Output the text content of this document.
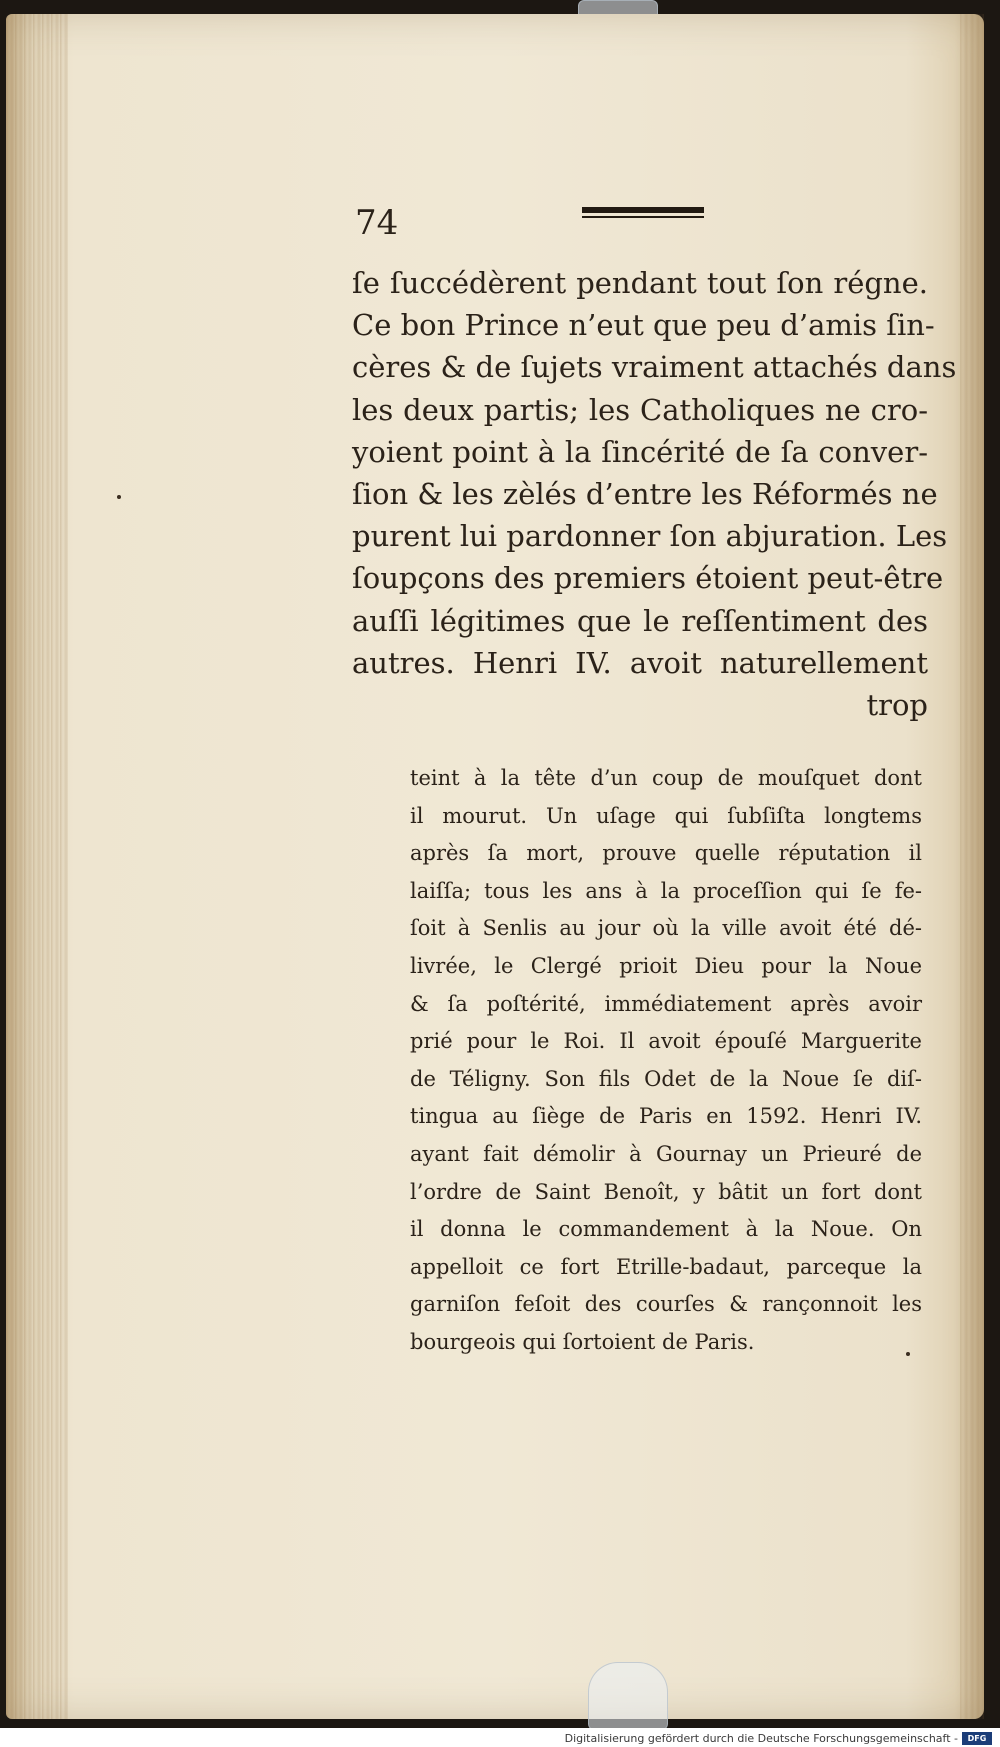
74
ſe ſuccédèrent pendant tout ſon régne.
Ce bon Prince n’eut que peu d’amis ſin-
cères & de ſujets vraiment attachés dans
les deux partis; les Catholiques ne cro-
yoient point à la ſincérité de ſa conver-
ſion & les zèlés d’entre les Réformés ne
purent lui pardonner ſon abjuration. Les
ſoupçons des premiers étoient peut-être
auſſi légitimes que le reſſentiment des
autres. Henri IV. avoit naturellement
trop
teint à la tête d’un coup de mouſquet dont
il mourut. Un uſage qui ſubſiſta longtems
après ſa mort, prouve quelle réputation il
laiſſa; tous les ans à la proceſſion qui ſe fe-
ſoit à Senlis au jour où la ville avoit été dé-
livrée, le Clergé prioit Dieu pour la Noue
& ſa poſtérité, immédiatement après avoir
prié pour le Roi. Il avoit épouſé Marguerite
de Téligny. Son fils Odet de la Noue ſe diſ-
tingua au ſiège de Paris en 1592. Henri IV.
ayant fait démolir à Gournay un Prieuré de
l’ordre de Saint Benoît, y bâtit un fort dont
il donna le commandement à la Noue. On
appelloit ce fort Etrille-badaut, parceque la
garniſon feſoit des courſes & rançonnoit les
bourgeois qui ſortoient de Paris.
Digitalisierung gefördert durch die Deutsche Forschungsgemeinschaft -	DFG
